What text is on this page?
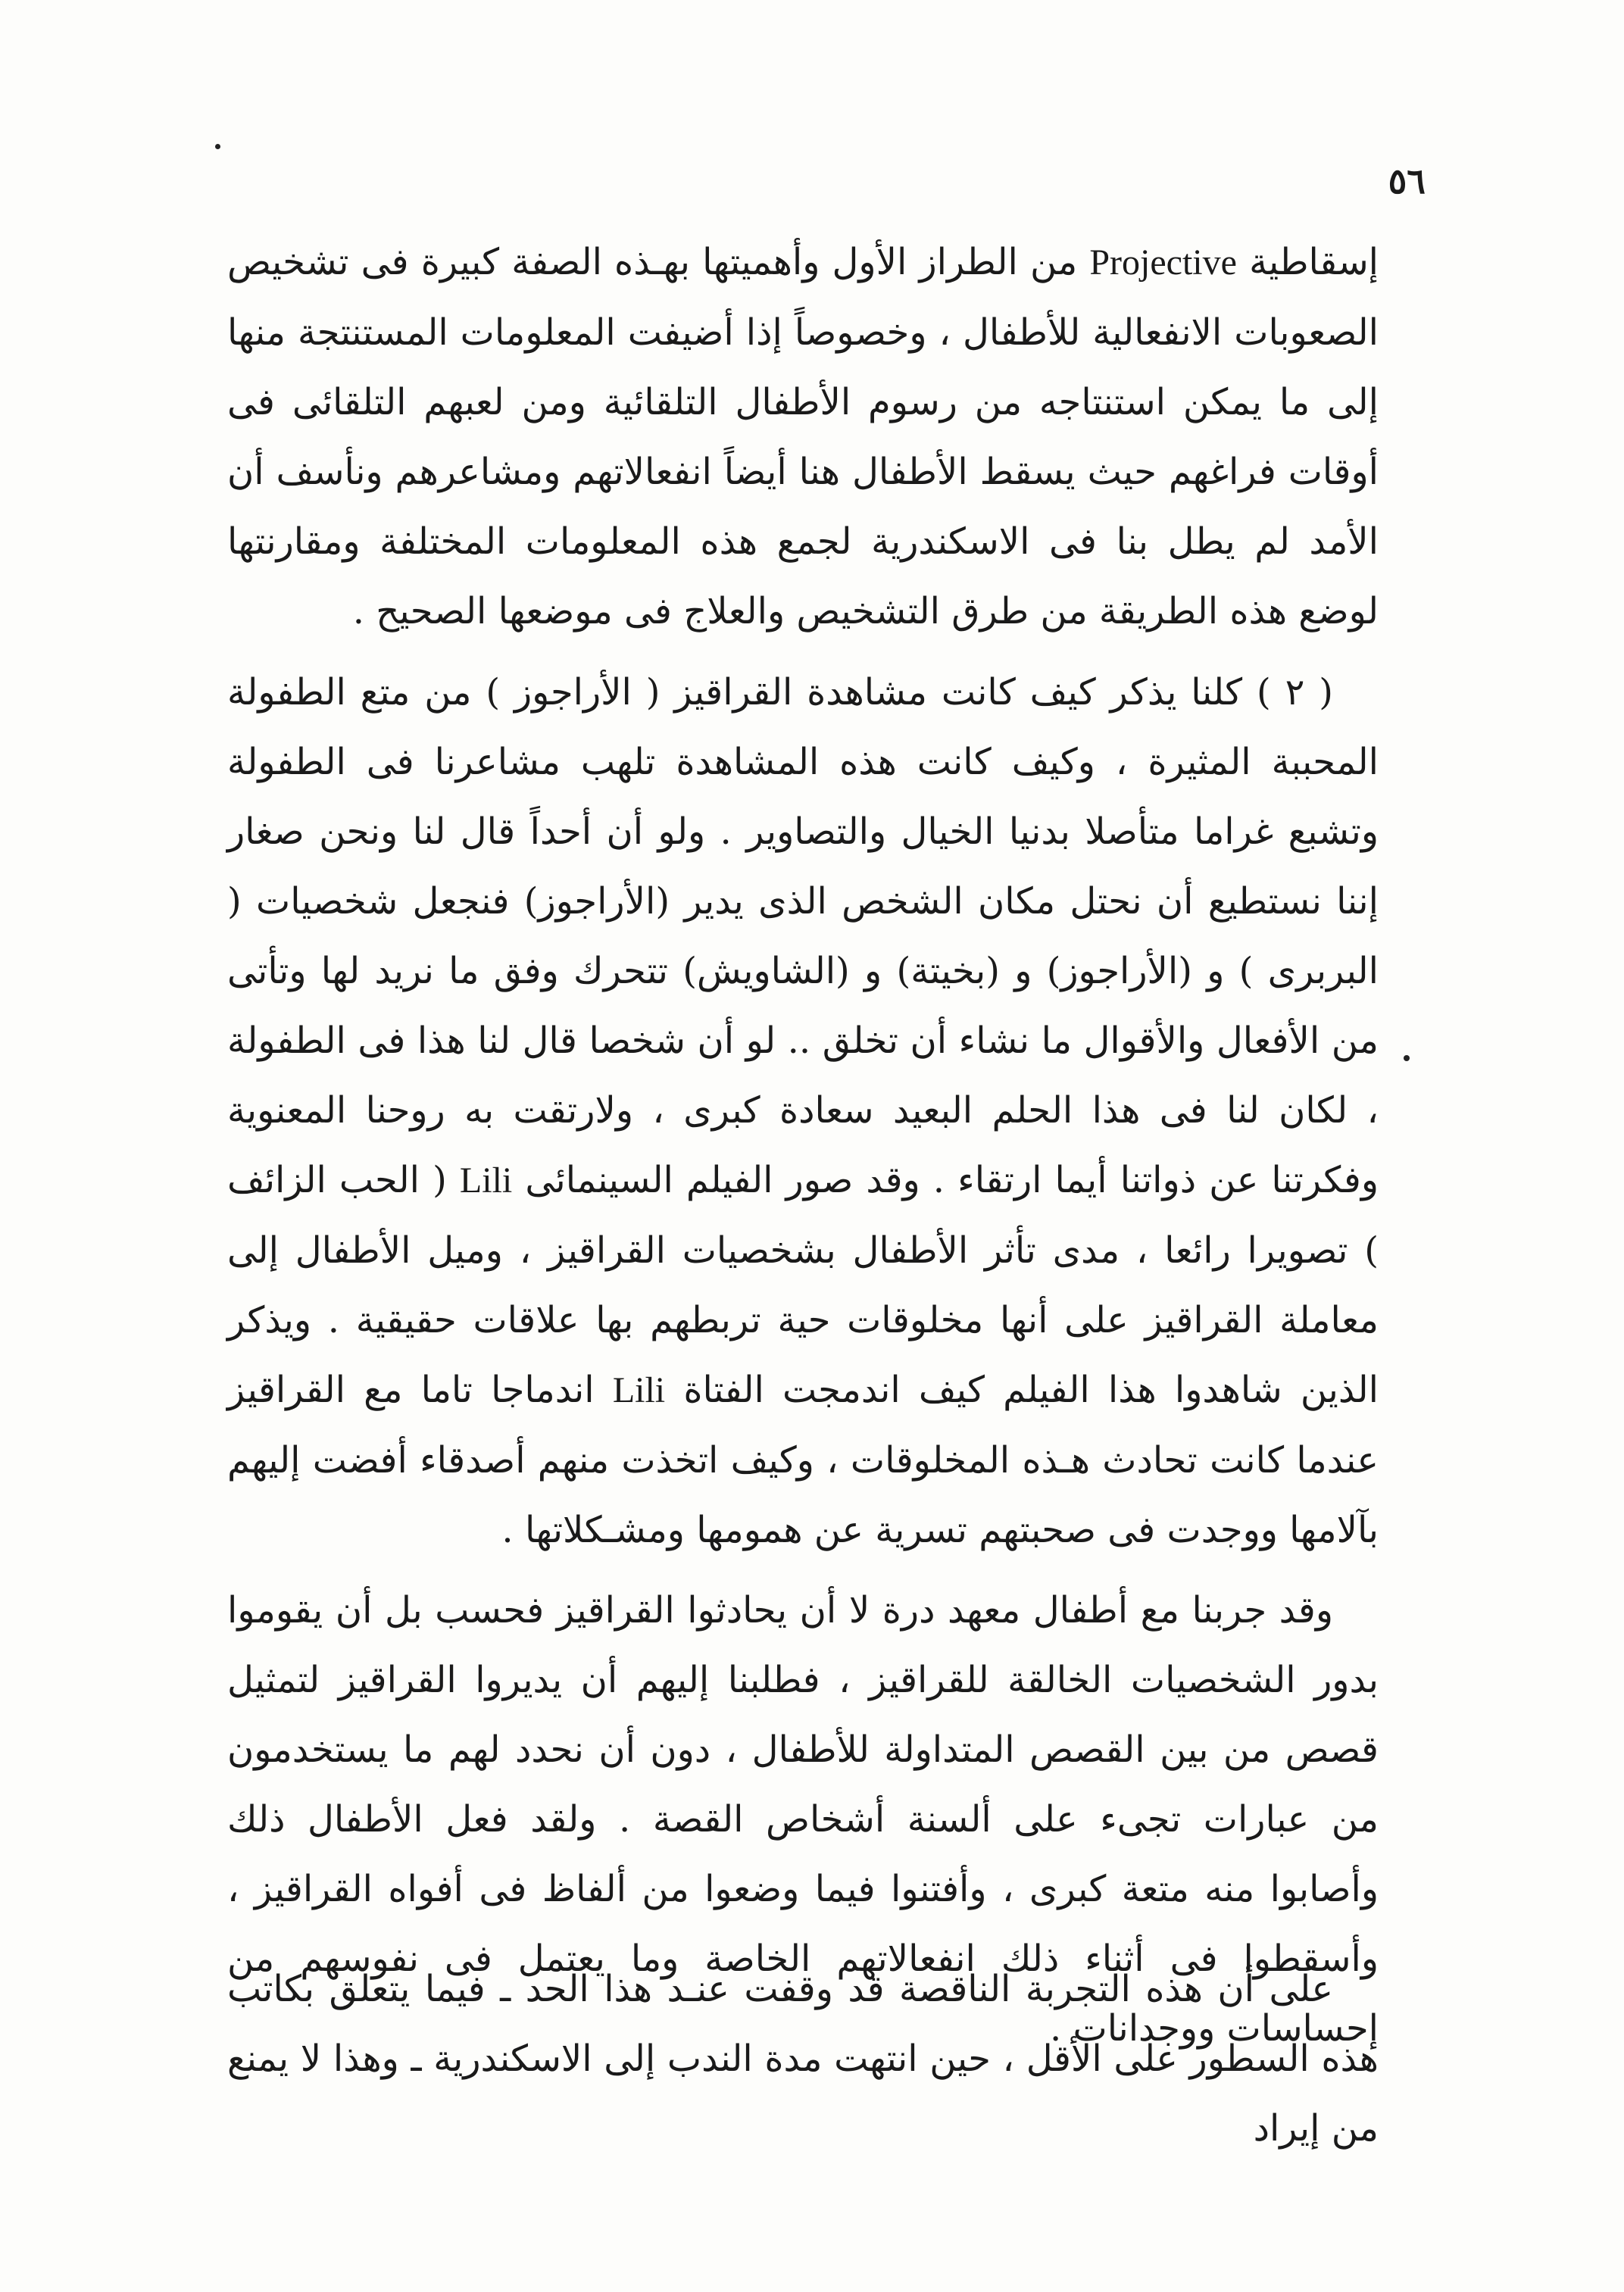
٥٦

إسقاطية Projective من الطراز الأول وأهميتها بهـذه الصفة كبيرة فى تشخيص الصعوبات الانفعالية للأطفال ، وخصوصاً إذا أضيفت المعلومات المستنتجة منها إلى ما يمكن استنتاجه من رسوم الأطفال التلقائية ومن لعبهم التلقائى فى أوقات فراغهم حيث يسقط الأطفال هنا أيضاً انفعالاتهم ومشاعرهم ونأسف أن الأمد لم يطل بنا فى الاسكندرية لجمع هذه المعلومات المختلفة ومقارنتها لوضع هذه الطريقة من طرق التشخيص والعلاج فى موضعها الصحيح .

( ٢ ) كلنا يذكر كيف كانت مشاهدة القراقيز ( الأراجوز ) من متع الطفولة المحببة المثيرة ، وكيف كانت هذه المشاهدة تلهب مشاعرنا فى الطفولة وتشبع غراما متأصلا بدنيا الخيال والتصاوير . ولو أن أحداً قال لنا ونحن صغار إننا نستطيع أن نحتل مكان الشخص الذى يدير (الأراجوز) فنجعل شخصيات ( البربرى ) و (الأراجوز) و (بخيتة) و (الشاويش) تتحرك وفق ما نريد لها وتأتى من الأفعال والأقوال ما نشاء أن تخلق .. لو أن شخصا قال لنا هذا فى الطفولة ، لكان لنا فى هذا الحلم البعيد سعادة كبرى ، ولارتقت به روحنا المعنوية وفكرتنا عن ذواتنا أيما ارتقاء . وقد صور الفيلم السينمائى Lili ( الحب الزائف ) تصويرا رائعا ، مدى تأثر الأطفال بشخصيات القراقيز ، وميل الأطفال إلى معاملة القراقيز على أنها مخلوقات حية تربطهم بها علاقات حقيقية . ويذكر الذين شاهدوا هذا الفيلم كيف اندمجت الفتاة Lili اندماجا تاما مع القراقيز عندما كانت تحادث هـذه المخلوقات ، وكيف اتخذت منهم أصدقاء أفضت إليهم بآلامها ووجدت فى صحبتهم تسرية عن همومها ومشـكلاتها .

وقد جربنا مع أطفال معهد درة لا أن يحادثوا القراقيز فحسب بل أن يقوموا بدور الشخصيات الخالقة للقراقيز ، فطلبنا إليهم أن يديروا القراقيز لتمثيل قصص من بين القصص المتداولة للأطفال ، دون أن نحدد لهم ما يستخدمون من عبارات تجىء على ألسنة أشخاص القصة . ولقد فعل الأطفال ذلك وأصابوا منه متعة كبرى ، وأفتنوا فيما وضعوا من ألفاظ فى أفواه القراقيز ، وأسقطوا فى أثناء ذلك انفعالاتهم الخاصة وما يعتمل فى نفوسهم من إحساسات ووجدانات .

على أن هذه التجربة الناقصة قد وقفت عنـد هذا الحد ـ فيما يتعلق بكاتب هذه السطور على الأقل ، حين انتهت مدة الندب إلى الاسكندرية ـ وهذا لا يمنع من إيراد
